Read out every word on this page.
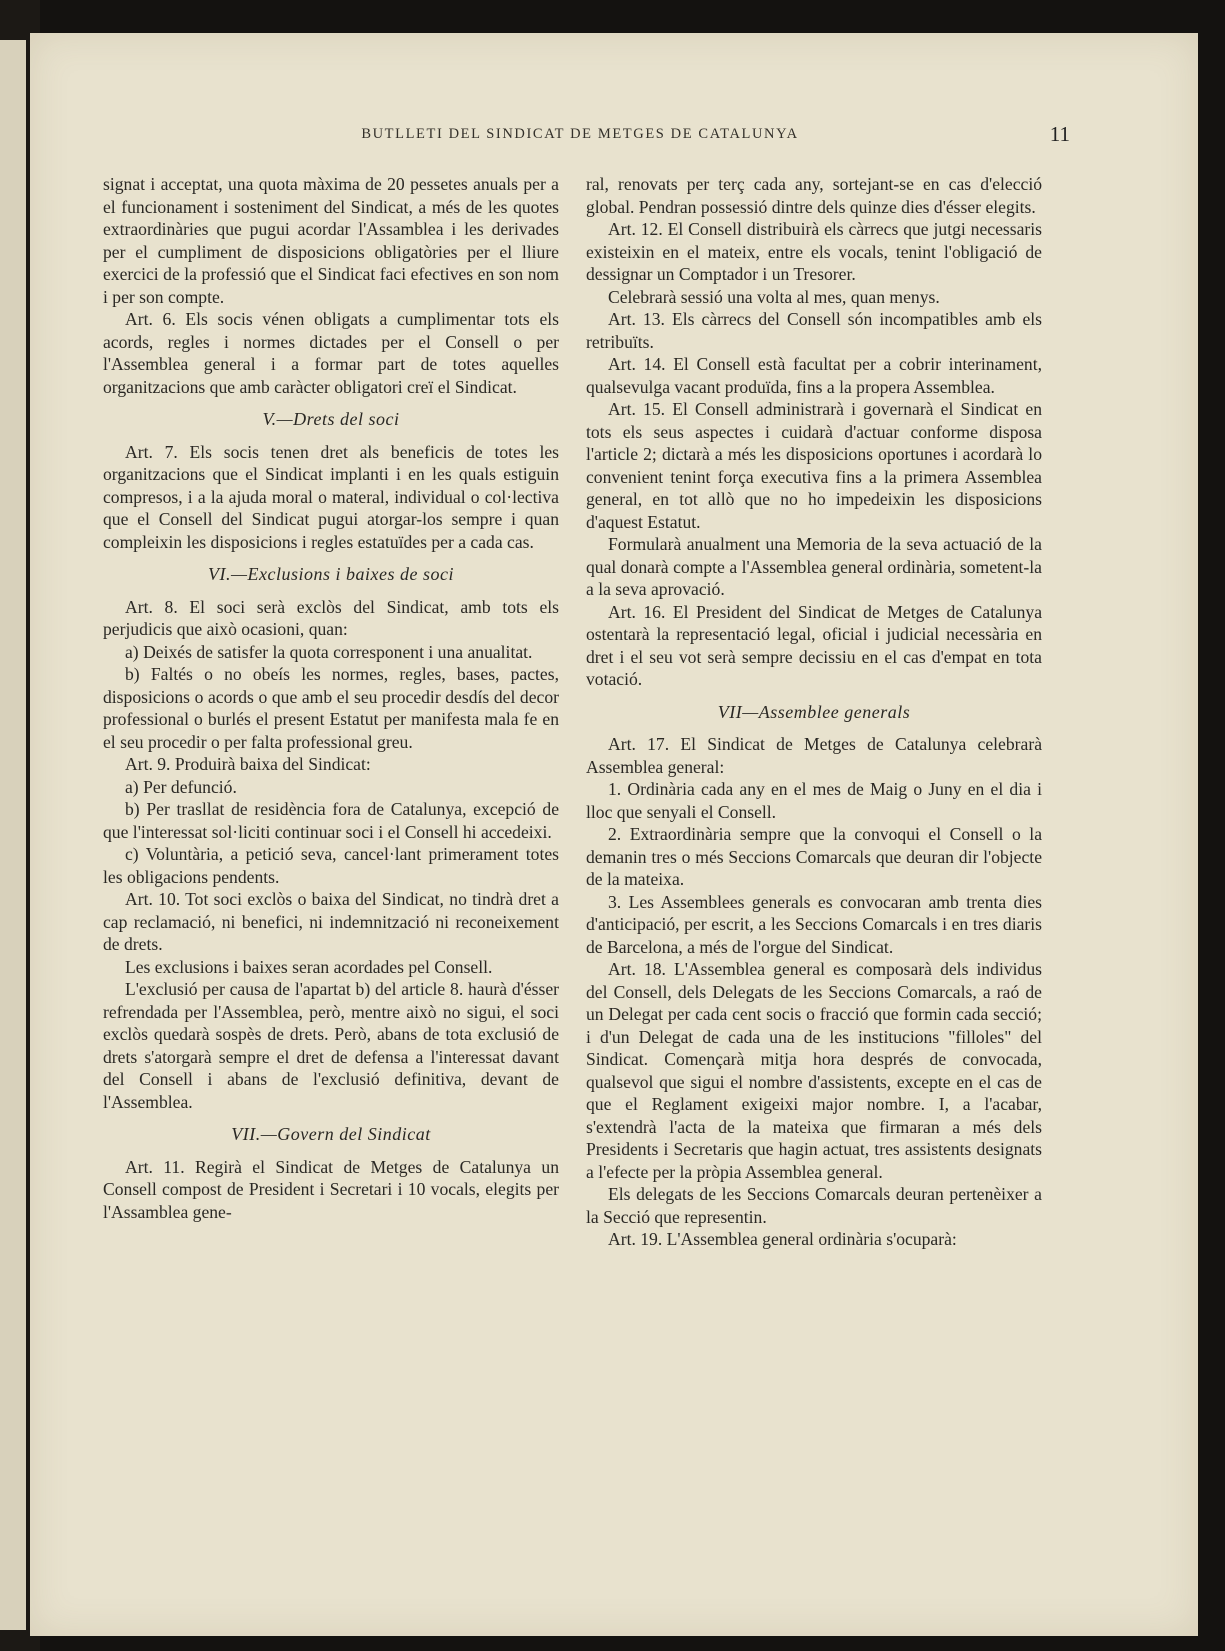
BUTLLETI DEL SINDICAT DE METGES DE CATALUNYA	11

signat i acceptat, una quota màxima de 20 pessetes anuals per a el funcionament i sosteniment del Sindicat, a més de les quotes extraordinàries que pugui acordar l'Assamblea i les derivades per el cumpliment de disposicions obligatòries per el lliure exercici de la professió que el Sindicat faci efectives en son nom i per son compte.

Art. 6. Els socis vénen obligats a cumplimentar tots els acords, regles i normes dictades per el Consell o per l'Assemblea general i a formar part de totes aquelles organitzacions que amb caràcter obligatori creï el Sindicat.

V.—Drets del soci

Art. 7. Els socis tenen dret als beneficis de totes les organitzacions que el Sindicat implanti i en les quals estiguin compresos, i a la ajuda moral o materal, individual o col·lectiva que el Consell del Sindicat pugui atorgar-los sempre i quan compleixin les disposicions i regles estatuïdes per a cada cas.

VI.—Exclusions i baixes de soci

Art. 8. El soci serà exclòs del Sindicat, amb tots els perjudicis que això ocasioni, quan:

a) Deixés de satisfer la quota corresponent i una anualitat.

b) Faltés o no obeís les normes, regles, bases, pactes, disposicions o acords o que amb el seu procedir desdís del decor professional o burlés el present Estatut per manifesta mala fe en el seu procedir o per falta professional greu.

Art. 9. Produirà baixa del Sindicat:

a) Per defunció.

b) Per trasllat de residència fora de Catalunya, excepció de que l'interessat sol·liciti continuar soci i el Consell hi accedeixi.

c) Voluntària, a petició seva, cancel·lant primerament totes les obligacions pendents.

Art. 10. Tot soci exclòs o baixa del Sindicat, no tindrà dret a cap reclamació, ni benefici, ni indemnització ni reconeixement de drets.

Les exclusions i baixes seran acordades pel Consell.

L'exclusió per causa de l'apartat b) del article 8. haurà d'ésser refrendada per l'Assemblea, però, mentre això no sigui, el soci exclòs quedarà sospès de drets. Però, abans de tota exclusió de drets s'atorgarà sempre el dret de defensa a l'interessat davant del Consell i abans de l'exclusió definitiva, devant de l'Assemblea.

VII.—Govern del Sindicat

Art. 11. Regirà el Sindicat de Metges de Catalunya un Consell compost de President i Secretari i 10 vocals, elegits per l'Assamblea gene-

ral, renovats per terç cada any, sortejant-se en cas d'elecció global. Pendran possessió dintre dels quinze dies d'ésser elegits.

Art. 12. El Consell distribuirà els càrrecs que jutgi necessaris existeixin en el mateix, entre els vocals, tenint l'obligació de dessignar un Comptador i un Tresorer.

Celebrarà sessió una volta al mes, quan menys.

Art. 13. Els càrrecs del Consell són incompatibles amb els retribuïts.

Art. 14. El Consell està facultat per a cobrir interinament, qualsevulga vacant produïda, fins a la propera Assemblea.

Art. 15. El Consell administrarà i governarà el Sindicat en tots els seus aspectes i cuidarà d'actuar conforme disposa l'article 2; dictarà a més les disposicions oportunes i acordarà lo convenient tenint força executiva fins a la primera Assemblea general, en tot allò que no ho impedeixin les disposicions d'aquest Estatut.

Formularà anualment una Memoria de la seva actuació de la qual donarà compte a l'Assemblea general ordinària, sometent-la a la seva aprovació.

Art. 16. El President del Sindicat de Metges de Catalunya ostentarà la representació legal, oficial i judicial necessària en dret i el seu vot serà sempre decissiu en el cas d'empat en tota votació.

VII—Assemblee generals

Art. 17. El Sindicat de Metges de Catalunya celebrarà Assemblea general:

1. Ordinària cada any en el mes de Maig o Juny en el dia i lloc que senyali el Consell.

2. Extraordinària sempre que la convoqui el Consell o la demanin tres o més Seccions Comarcals que deuran dir l'objecte de la mateixa.

3. Les Assemblees generals es convocaran amb trenta dies d'anticipació, per escrit, a les Seccions Comarcals i en tres diaris de Barcelona, a més de l'orgue del Sindicat.

Art. 18. L'Assemblea general es composarà dels individus del Consell, dels Delegats de les Seccions Comarcals, a raó de un Delegat per cada cent socis o fracció que formin cada secció; i d'un Delegat de cada una de les institucions "filloles" del Sindicat. Començarà mitja hora després de convocada, qualsevol que sigui el nombre d'assistents, excepte en el cas de que el Reglament exigeixi major nombre. I, a l'acabar, s'extendrà l'acta de la mateixa que firmaran a més dels Presidents i Secretaris que hagin actuat, tres assistents designats a l'efecte per la pròpia Assemblea general.

Els delegats de les Seccions Comarcals deuran pertenèixer a la Secció que representin.

Art. 19. L'Assemblea general ordinària s'ocuparà:
